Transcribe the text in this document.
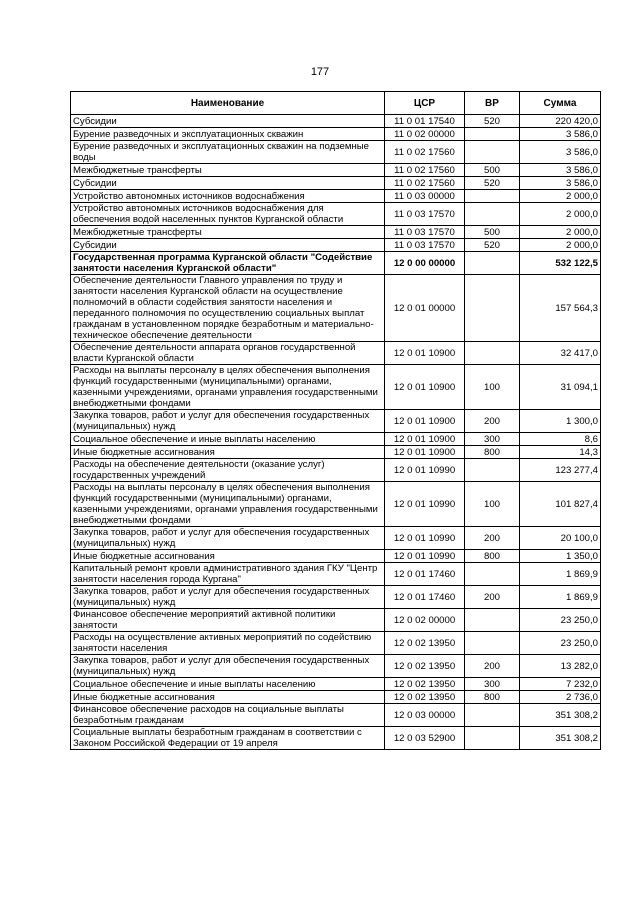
177
Наименование	ЦСР	ВР	Сумма
Субсидии	11 0 01 17540	520	220 420,0
Бурение разведочных и эксплуатационных скважин	11 0 02 00000		3 586,0
Бурение разведочных и эксплуатационных скважин на подземные воды	11 0 02 17560		3 586,0
Межбюджетные трансферты	11 0 02 17560	500	3 586,0
Субсидии	11 0 02 17560	520	3 586,0
Устройство автономных источников водоснабжения	11 0 03 00000		2 000,0
Устройство автономных источников водоснабжения для обеспечения водой населенных пунктов Курганской области	11 0 03 17570		2 000,0
Межбюджетные трансферты	11 0 03 17570	500	2 000,0
Субсидии	11 0 03 17570	520	2 000,0
Государственная программа Курганской области "Содействие занятости населения Курганской области"	12 0 00 00000		532 122,5
Обеспечение деятельности Главного управления по труду и занятости населения Курганской области на осуществление полномочий в области содействия занятости населения и переданного полномочия по осуществлению социальных выплат гражданам в установленном порядке безработным и материально-техническое обеспечение деятельности	12 0 01 00000		157 564,3
Обеспечение деятельности аппарата органов государственной власти Курганской области	12 0 01 10900		32 417,0
Расходы на выплаты персоналу в целях обеспечения выполнения функций государственными (муниципальными) органами, казенными учреждениями, органами управления государственными внебюджетными фондами	12 0 01 10900	100	31 094,1
Закупка товаров, работ и услуг для обеспечения государственных (муниципальных) нужд	12 0 01 10900	200	1 300,0
Социальное обеспечение и иные выплаты населению	12 0 01 10900	300	8,6
Иные бюджетные ассигнования	12 0 01 10900	800	14,3
Расходы на обеспечение деятельности (оказание услуг) государственных учреждений	12 0 01 10990		123 277,4
Расходы на выплаты персоналу в целях обеспечения выполнения функций государственными (муниципальными) органами, казенными учреждениями, органами управления государственными внебюджетными фондами	12 0 01 10990	100	101 827,4
Закупка товаров, работ и услуг для обеспечения государственных (муниципальных) нужд	12 0 01 10990	200	20 100,0
Иные бюджетные ассигнования	12 0 01 10990	800	1 350,0
Капитальный ремонт кровли административного здания ГКУ "Центр занятости населения города Кургана"	12 0 01 17460		1 869,9
Закупка товаров, работ и услуг для обеспечения государственных (муниципальных) нужд	12 0 01 17460	200	1 869,9
Финансовое обеспечение мероприятий активной политики занятости	12 0 02 00000		23 250,0
Расходы на осуществление активных мероприятий по содействию занятости населения	12 0 02 13950		23 250,0
Закупка товаров, работ и услуг для обеспечения государственных (муниципальных) нужд	12 0 02 13950	200	13 282,0
Социальное обеспечение и иные выплаты населению	12 0 02 13950	300	7 232,0
Иные бюджетные ассигнования	12 0 02 13950	800	2 736,0
Финансовое обеспечение расходов на социальные выплаты безработным гражданам	12 0 03 00000		351 308,2
Социальные выплаты безработным гражданам в соответствии с Законом Российской Федерации от 19 апреля	12 0 03 52900		351 308,2
